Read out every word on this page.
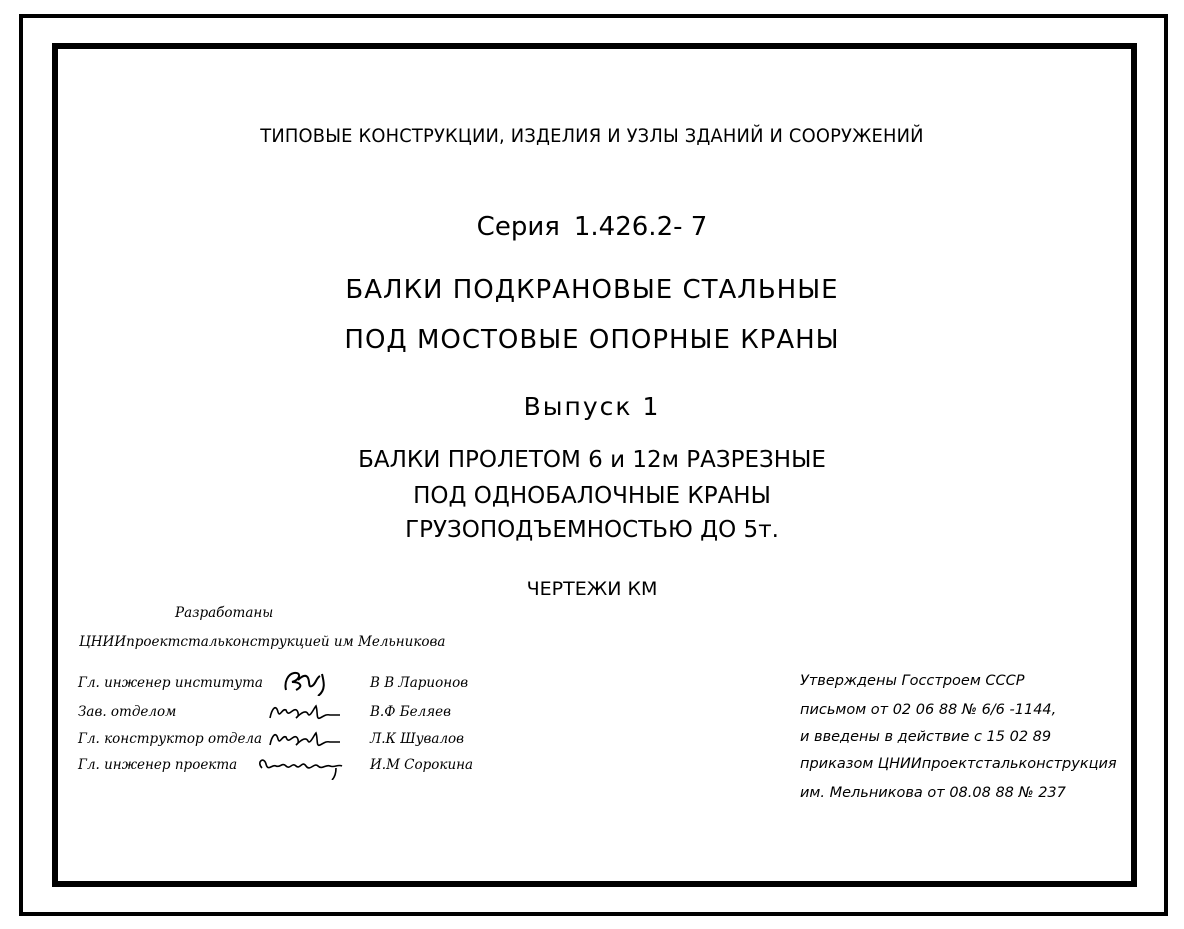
ТИПОВЫЕ КОНСТРУКЦИИ, ИЗДЕЛИЯ И УЗЛЫ ЗДАНИЙ И СООРУЖЕНИЙ
Серия 1.426.2- 7
БАЛКИ ПОДКРАНОВЫЕ СТАЛЬНЫЕ
ПОД МОСТОВЫЕ ОПОРНЫЕ КРАНЫ
Выпуск 1
БАЛКИ ПРОЛЕТОМ 6 и 12м РАЗРЕЗНЫЕ
ПОД ОДНОБАЛОЧНЫЕ КРАНЫ
ГРУЗОПОДЪЕМНОСТЬЮ ДО 5т.
ЧЕРТЕЖИ КМ
Разработаны
ЦНИИпроектстальконструкцией им Мельникова
Гл. инженер института	В В Ларионов
Зав. отделом	В.Ф Беляев
Гл. конструктор отдела	Л.К Шувалов
Гл. инженер проекта	И.М Сорокина
Утверждены Госстроем СССР
письмом от 02 06 88 № 6/6 -1144,
и введены в действие с 15 02 89
приказом ЦНИИпроектстальконструкция
им. Мельникова от 08.08 88 № 237
